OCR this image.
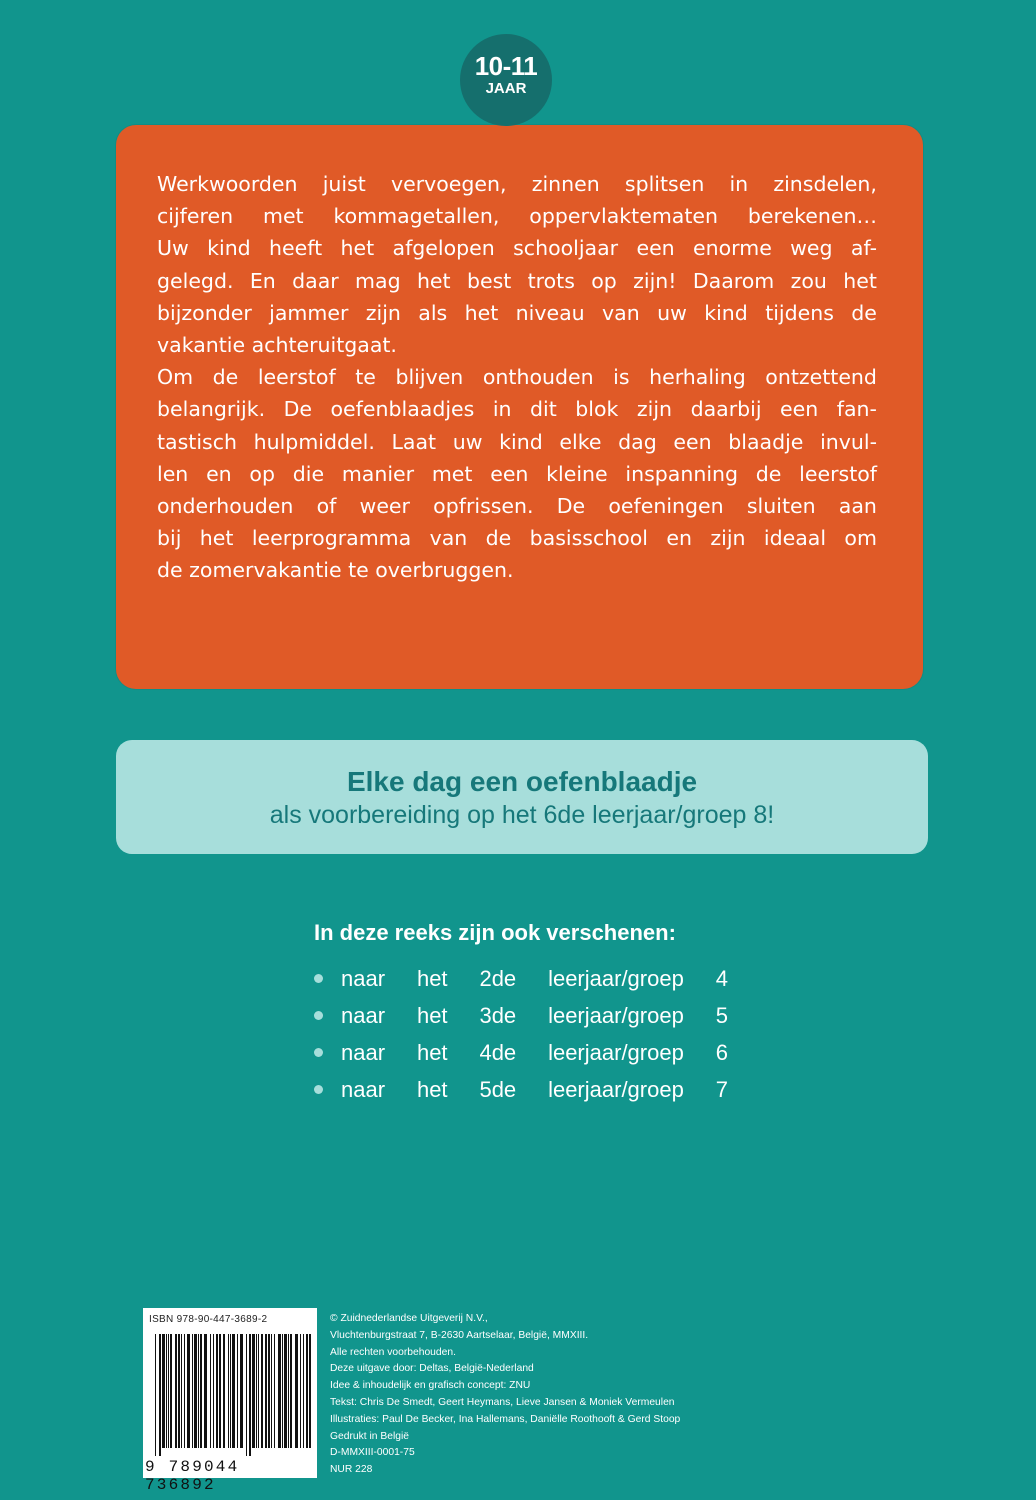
10-11
JAAR
Werkwoorden juist vervoegen, zinnen splitsen in zinsdelen,
cijferen met kommagetallen, oppervlaktematen berekenen…
Uw kind heeft het afgelopen schooljaar een enorme weg af-
gelegd. En daar mag het best trots op zijn! Daarom zou het
bijzonder jammer zijn als het niveau van uw kind tijdens de
vakantie achteruitgaat.
Om de leerstof te blijven onthouden is herhaling ontzettend
belangrijk. De oefenblaadjes in dit blok zijn daarbij een fan-
tastisch hulpmiddel. Laat uw kind elke dag een blaadje invul-
len en op die manier met een kleine inspanning de leerstof
onderhouden of weer opfrissen. De oefeningen sluiten aan
bij het leerprogramma van de basisschool en zijn ideaal om
de zomervakantie te overbruggen.
Elke dag een oefenblaadje
als voorbereiding op het 6de leerjaar/groep 8!
In deze reeks zijn ook verschenen:
naar het 2de leerjaar/groep 4
naar het 3de leerjaar/groep 5
naar het 4de leerjaar/groep 6
naar het 5de leerjaar/groep 7
ISBN 978-90-447-3689-2
9 789044 736892
© Zuidnederlandse Uitgeverij N.V.,
Vluchtenburgstraat 7, B-2630 Aartselaar, België, MMXIII.
Alle rechten voorbehouden.
Deze uitgave door: Deltas, België-Nederland
Idee & inhoudelijk en grafisch concept: ZNU
Tekst: Chris De Smedt, Geert Heymans, Lieve Jansen & Moniek Vermeulen
Illustraties: Paul De Becker, Ina Hallemans, Daniëlle Roothooft & Gerd Stoop
Gedrukt in België
D-MMXIII-0001-75
NUR 228
